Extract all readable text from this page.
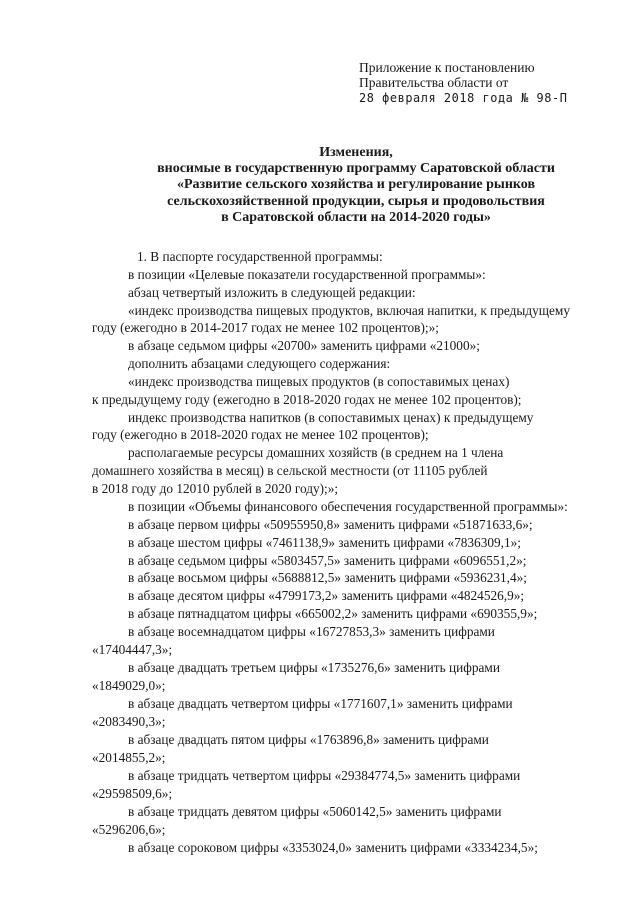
Приложение к постановлению
Правительства области от
28 февраля 2018 года № 98-П
Изменения,
вносимые в государственную программу Саратовской области
«Развитие сельского хозяйства и регулирование рынков
сельскохозяйственной продукции, сырья и продовольствия
в Саратовской области на 2014-2020 годы»
1. В паспорте государственной программы:
в позиции «Целевые показатели государственной программы»:
абзац четвертый изложить в следующей редакции:
«индекс производства пищевых продуктов, включая напитки, к предыдущему
году (ежегодно в 2014-2017 годах не менее 102 процентов);»;
в абзаце седьмом цифры «20700» заменить цифрами «21000»;
дополнить абзацами следующего содержания:
«индекс производства пищевых продуктов (в сопоставимых ценах)
к предыдущему году (ежегодно в 2018-2020 годах не менее 102 процентов);
индекс производства напитков (в сопоставимых ценах) к предыдущему
году (ежегодно в 2018-2020 годах не менее 102 процентов);
располагаемые ресурсы домашних хозяйств (в среднем на 1 члена
домашнего хозяйства в месяц) в сельской местности (от 11105 рублей
в 2018 году до 12010 рублей в 2020 году);»;
в позиции «Объемы финансового обеспечения государственной программы»:
в абзаце первом цифры «50955950,8» заменить цифрами «51871633,6»;
в абзаце шестом цифры «7461138,9» заменить цифрами «7836309,1»;
в абзаце седьмом цифры «5803457,5» заменить цифрами «6096551,2»;
в абзаце восьмом цифры «5688812,5» заменить цифрами «5936231,4»;
в абзаце десятом цифры «4799173,2» заменить цифрами «4824526,9»;
в абзаце пятнадцатом цифры «665002,2» заменить цифрами «690355,9»;
в абзаце восемнадцатом цифры «16727853,3» заменить цифрами
«17404447,3»;
в абзаце двадцать третьем цифры «1735276,6» заменить цифрами
«1849029,0»;
в абзаце двадцать четвертом цифры «1771607,1» заменить цифрами
«2083490,3»;
в абзаце двадцать пятом цифры «1763896,8» заменить цифрами
«2014855,2»;
в абзаце тридцать четвертом цифры «29384774,5» заменить цифрами
«29598509,6»;
в абзаце тридцать девятом цифры «5060142,5» заменить цифрами
«5296206,6»;
в абзаце сороковом цифры «3353024,0» заменить цифрами «3334234,5»;
